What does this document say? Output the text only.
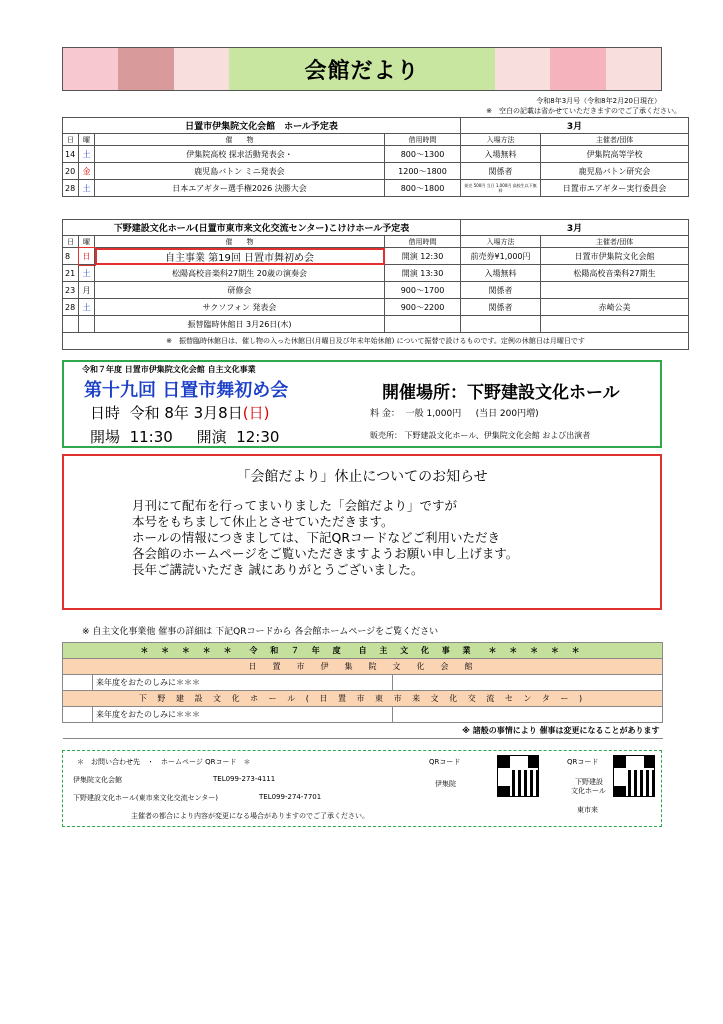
会館だより
令和8年3月号（令和8年2月20日現在）
※　空白の記載は省かせていただきますのでご了承ください。
日置市伊集院文化会館　ホール予定表				3月	
日	曜	催　　物	借用時間	入場方法	主催者/団体
14	土	伊集院高校 探求活動発表会・	800〜1300	入場無料	伊集院高等学校
20	金	鹿児島バトン ミニ発表会	1200〜1800	関係者	鹿児島バトン研究会
28	土	日本エアギター選手権2026 決勝大会	800〜1800	前売 500円 当日 1,000円 高校生以下無料	日置市エアギター実行委員会
下野建設文化ホール(日置市東市来文化交流センター)こけけホール予定表				3月	
日	曜	催　　物	借用時間	入場方法	主催者/団体
8	日	自主事業 第19回 日置市舞初め会	開演 12:30	前売券¥1,000円	日置市伊集院文化会館
21	土	松陽高校音楽科27期生 20歳の演奏会	開演 13:30	入場無料	松陽高校音楽科27期生
23	月	研修会	900〜1700	関係者	
28	土	サクソフォン 発表会	900〜2200	関係者	赤崎公美
		振替臨時休館日 3月26日(木)			
※　振替臨時休館日は、催し物の入った休館日(月曜日及び年末年始休館) について振替で設けるものです。定例の休館日は月曜日です					
令和７年度 日置市伊集院文化会館 自主文化事業
第十九回 日置市舞初め会	開催場所：下野建設文化ホール
日時 令和 8年 3月8日(日)	料 金： 一般 1,000円 (当日 200円増)
開場 11:30 開演 12:30	販売所： 下野建設文化ホール、伊集院文化会館 および出演者
「会館だより」休止についてのお知らせ
月刊にて配布を行ってまいりました「会館だより」ですが
本号をもちまして休止とさせていただきます。
ホールの情報につきましては、下記QRコードなどご利用いただき
各会館のホームページをご覧いただきますようお願い申し上げます。
長年ご講読いただき 誠にありがとうございました。
※ 自主文化事業他 催事の詳細は 下記QRコードから 各会館ホームページをご覧ください
＊ ＊ ＊ ＊ ＊　令 和 ７ 年 度　自 主 文 化 事 業　＊ ＊ ＊ ＊ ＊		
日　置　市　伊　集　院　文　化　会　館		
	来年度をおたのしみに＊＊＊	
下 野 建 設 文 化 ホ ー ル ( 日 置 市 東 市 来 文 化 交 流 セ ン タ ー )		
	来年度をおたのしみに＊＊＊	
※ 諸般の事情により 催事は変更になることがあります		
＊　お問い合わせ先　・　ホームページ QRコード　＊
伊集院文化会館	TEL099-273-4111
下野建設文化ホール(東市来文化交流センター)	TEL099-274-7701
主催者の都合により内容が変更になる場合がありますのでご了承ください。
QRコード
伊集院
QRコード
下野建設
文化ホール
東市来
